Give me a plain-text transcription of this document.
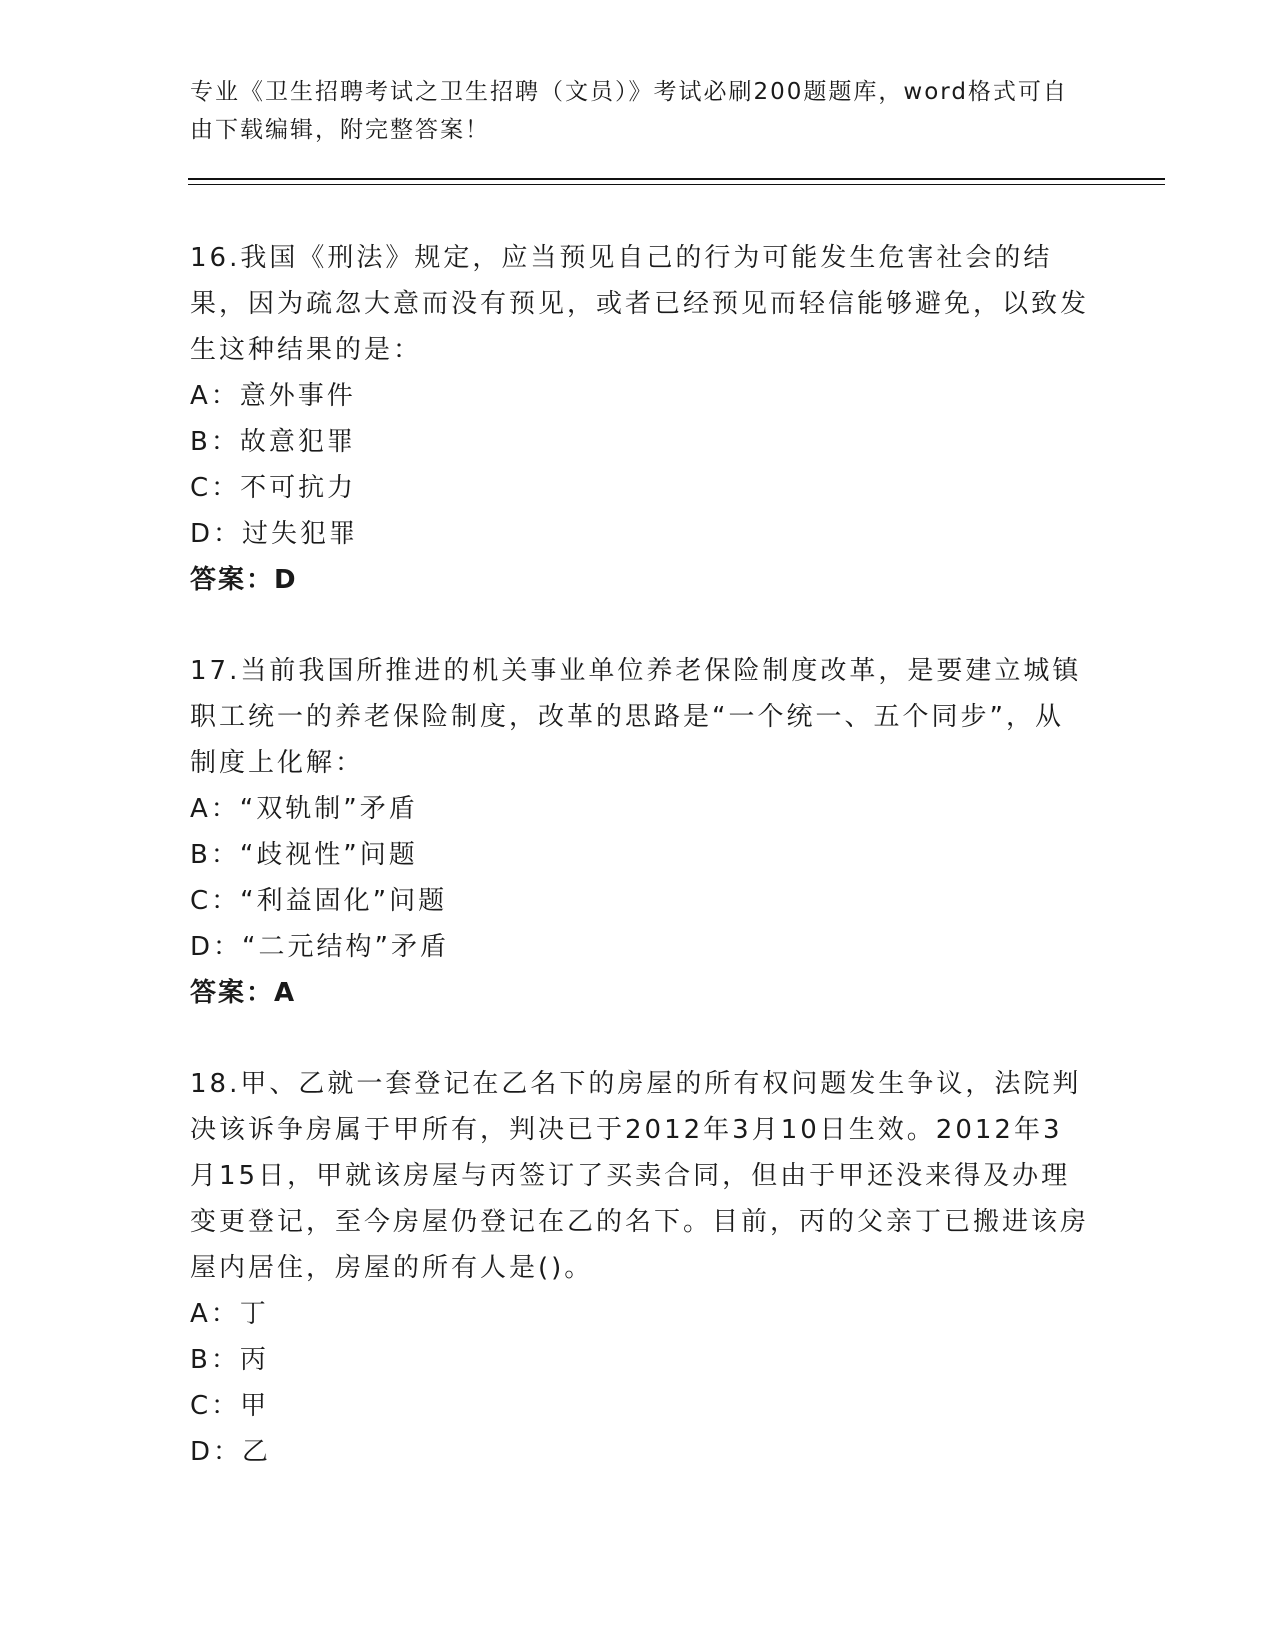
专业《卫生招聘考试之卫生招聘（文员）》考试必刷200题题库，word格式可自由下载编辑，附完整答案！

16.我国《刑法》规定，应当预见自己的行为可能发生危害社会的结果，因为疏忽大意而没有预见，或者已经预见而轻信能够避免，以致发生这种结果的是：

A：意外事件

B：故意犯罪

C：不可抗力

D：过失犯罪

答案：D

17.当前我国所推进的机关事业单位养老保险制度改革，是要建立城镇职工统一的养老保险制度，改革的思路是“一个统一、五个同步”，从制度上化解：

A：“双轨制”矛盾

B：“歧视性”问题

C：“利益固化”问题

D：“二元结构”矛盾

答案：A

18.甲、乙就一套登记在乙名下的房屋的所有权问题发生争议，法院判决该诉争房属于甲所有，判决已于2012年3月10日生效。2012年3月15日，甲就该房屋与丙签订了买卖合同，但由于甲还没来得及办理变更登记，至今房屋仍登记在乙的名下。目前，丙的父亲丁已搬进该房屋内居住，房屋的所有人是()。

A：丁

B：丙

C：甲

D：乙
